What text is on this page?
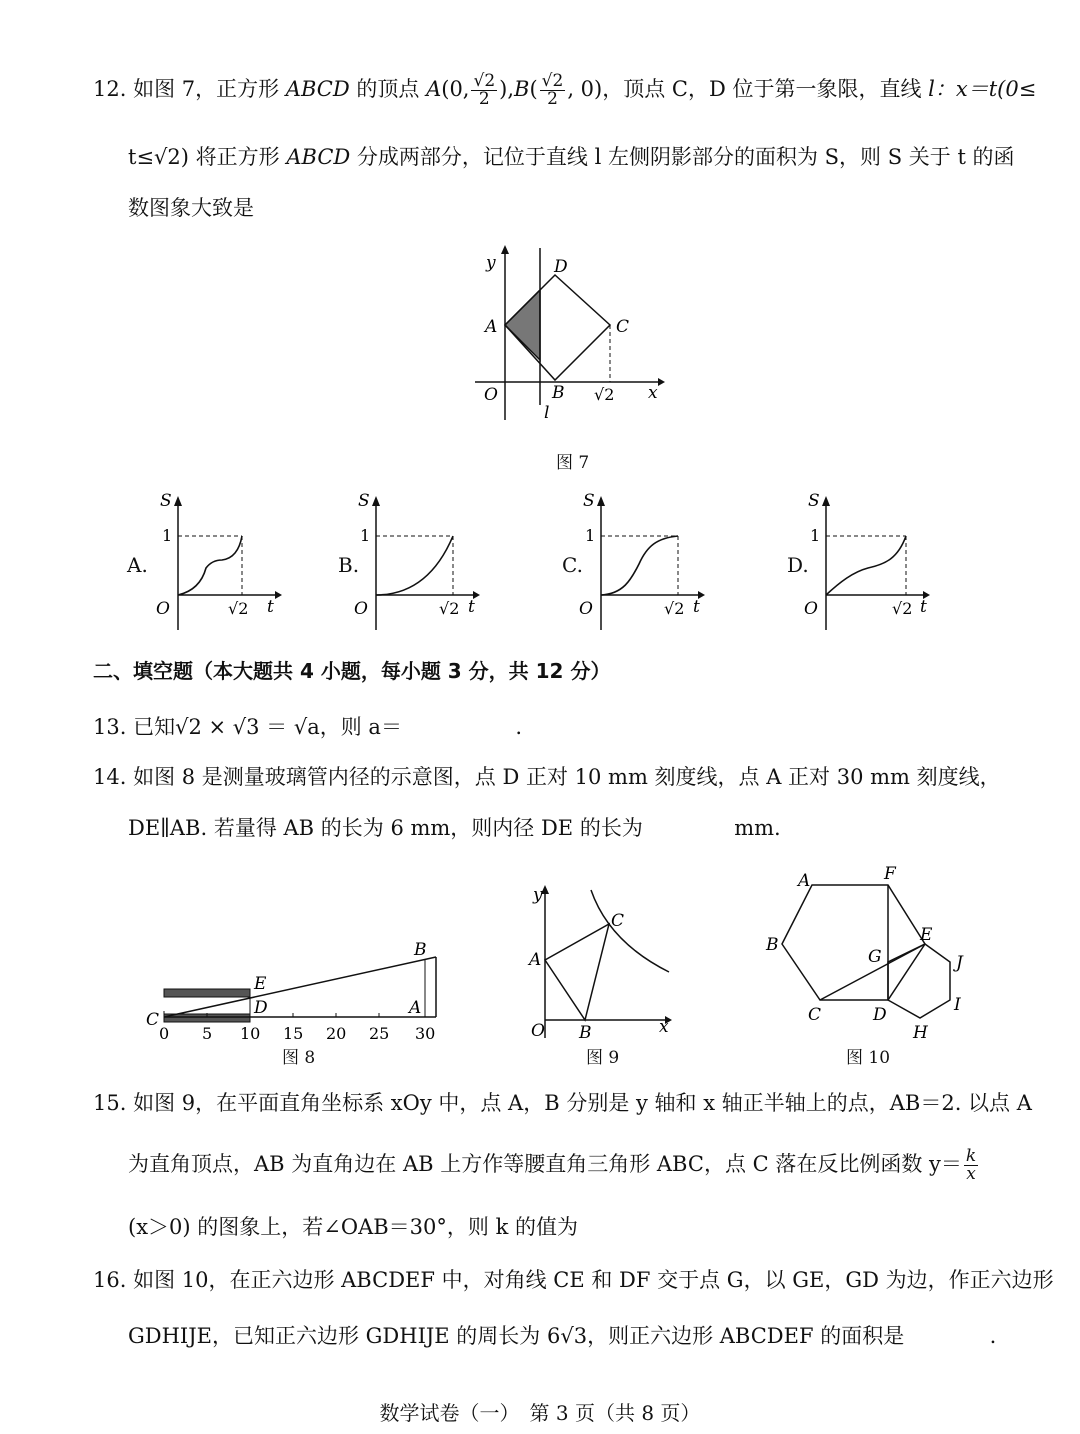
12. 如图 7，正方形 ABCD 的顶点 A(0, $\frac{√2}{2} ),B( \frac{√2}{2}$ , 0)，顶点 C，D 位于第一象限，直线 l：x＝t(0≤
t≤√2) 将正方形 ABCD 分成两部分，记位于直线 l 左侧阴影部分的面积为 S，则 S 关于 t 的函
数图象大致是
y
x
O
A
B
C
D
l
√2
图 7
A.	B.	C.	D.
S
1
O	√2 t
S
1
O	√2 t
S
1
O	√2 t
S
1
O	√2 t
二、填空题（本大题共 4 小题，每小题 3 分，共 12 分）
13. 已知√2 × √3 ＝ √a，则 a＝	.
14. 如图 8 是测量玻璃管内径的示意图，点 D 正对 10 mm 刻度线，点 A 正对 30 mm 刻度线，
DE∥AB. 若量得 AB 的长为 6 mm，则内径 DE 的长为	mm.
0 5 10 15 20 25 30
C
D
E
A
B
图 8
y
x
O
A
B
C
图 9
A	F
B	E
G	J
I
C	D
H
图 10
15. 如图 9，在平面直角坐标系 xOy 中，点 A，B 分别是 y 轴和 x 轴正半轴上的点，AB＝2. 以点 A
为直角顶点，AB 为直角边在 AB 上方作等腰直角三角形 ABC，点 C 落在反比例函数 $y= \frac{k}{x}$
(x＞0) 的图象上，若∠OAB＝30°，则 k 的值为
16. 如图 10，在正六边形 ABCDEF 中，对角线 CE 和 DF 交于点 G，以 GE，GD 为边，作正六边形
GDHIJE，已知正六边形 GDHIJE 的周长为 6√3，则正六边形 ABCDEF 的面积是	.
数学试卷（一）　第 3 页（共 8 页）
